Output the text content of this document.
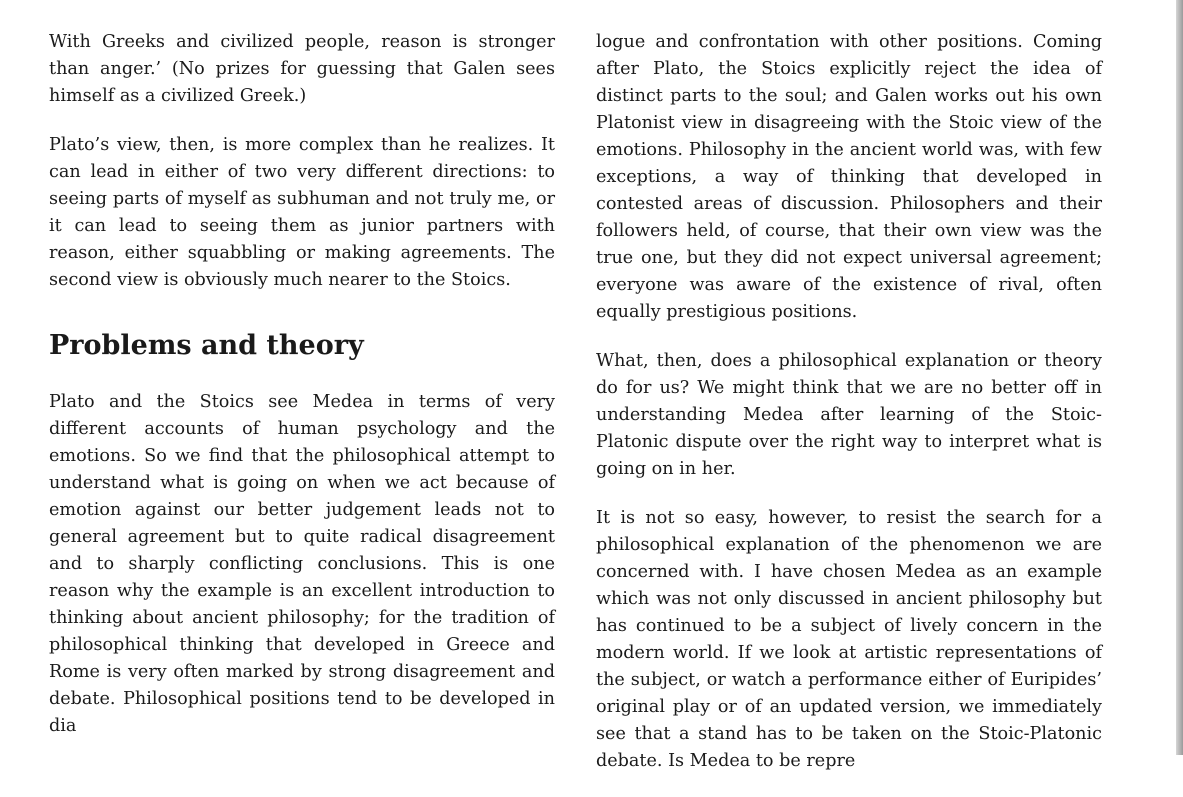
With Greeks and civilized people, reason is stronger than anger.’ (No prizes for guessing that Galen sees himself as a civilized Greek.)

Plato’s view, then, is more complex than he realizes. It can lead in either of two very different directions: to seeing parts of myself as subhuman and not truly me, or it can lead to seeing them as junior partners with reason, either squabbling or making agreements. The second view is obviously much nearer to the Stoics.

Problems and theory

Plato and the Stoics see Medea in terms of very different accounts of human psychology and the emotions. So we find that the philosophical attempt to understand what is going on when we act because of emotion against our better judgement leads not to general agreement but to quite radical disagreement and to sharply conflicting conclusions. This is one reason why the example is an excellent introduction to thinking about ancient philosophy; for the tradition of philosophical thinking that developed in Greece and Rome is very often marked by strong disagreement and debate. Philosophical positions tend to be developed in dia

logue and confrontation with other positions. Coming after Plato, the Stoics explicitly reject the idea of distinct parts to the soul; and Galen works out his own Platonist view in disagreeing with the Stoic view of the emotions. Philosophy in the ancient world was, with few exceptions, a way of thinking that developed in contested areas of discussion. Philosophers and their followers held, of course, that their own view was the true one, but they did not expect universal agreement; everyone was aware of the existence of rival, often equally prestigious positions.

What, then, does a philosophical explanation or theory do for us? We might think that we are no better off in understanding Medea after learning of the Stoic-Platonic dispute over the right way to interpret what is going on in her.

It is not so easy, however, to resist the search for a philosophical explanation of the phenomenon we are concerned with. I have chosen Medea as an example which was not only discussed in ancient philosophy but has continued to be a subject of lively concern in the modern world. If we look at artistic representations of the subject, or watch a performance either of Euripides’ original play or of an updated version, we immediately see that a stand has to be taken on the Stoic-Platonic debate. Is Medea to be repre
